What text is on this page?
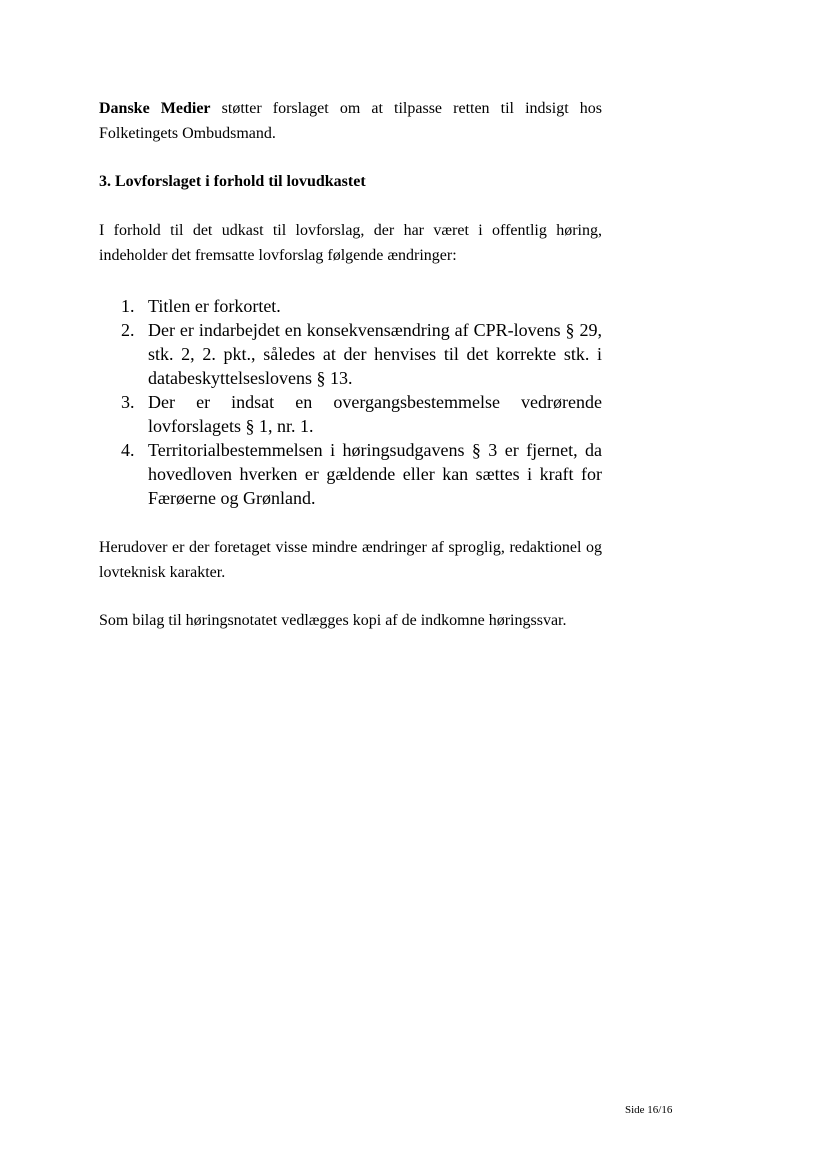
Danske Medier støtter forslaget om at tilpasse retten til indsigt hos Folketingets Ombudsmand.

3. Lovforslaget i forhold til lovudkastet

I forhold til det udkast til lovforslag, der har været i offentlig høring, indeholder det fremsatte lovforslag følgende ændringer:

1. Titlen er forkortet.
2. Der er indarbejdet en konsekvensændring af CPR-lovens § 29, stk. 2, 2. pkt., således at der henvises til det korrekte stk. i databeskyttelseslovens § 13.
3. Der er indsat en overgangsbestemmelse vedrørende lovforslagets § 1, nr. 1.
4. Territorialbestemmelsen i høringsudgavens § 3 er fjernet, da hovedloven hverken er gældende eller kan sættes i kraft for Færøerne og Grønland.

Herudover er der foretaget visse mindre ændringer af sproglig, redaktionel og lovteknisk karakter.

Som bilag til høringsnotatet vedlægges kopi af de indkomne høringssvar.

Side 16/16
